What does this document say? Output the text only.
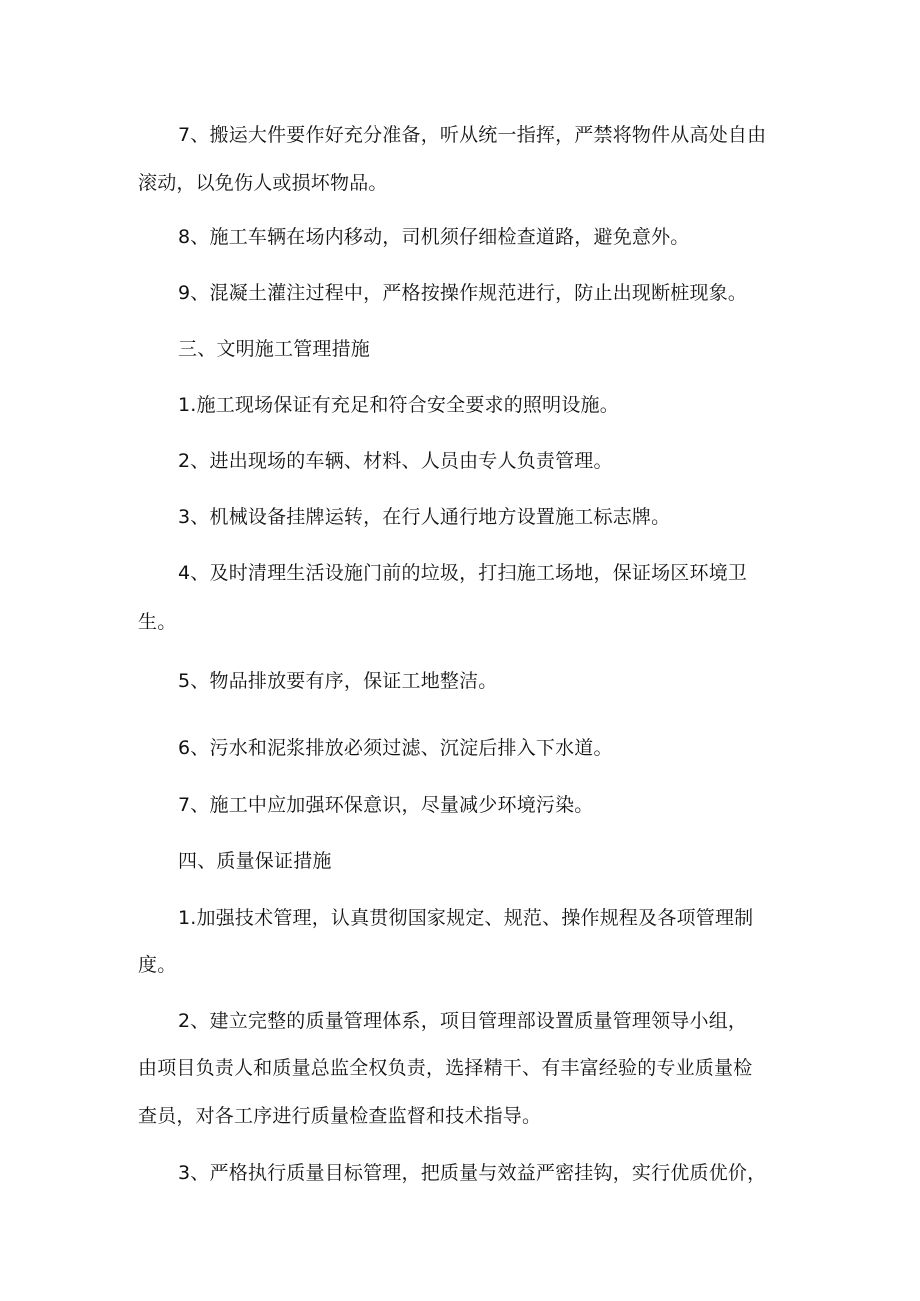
7、搬运大件要作好充分准备，听从统一指挥，严禁将物件从高处自由
滚动，以免伤人或损坏物品。
8、施工车辆在场内移动，司机须仔细检查道路，避免意外。
9、混凝土灌注过程中，严格按操作规范进行，防止出现断桩现象。
三、文明施工管理措施
1.施工现场保证有充足和符合安全要求的照明设施。
2、进出现场的车辆、材料、人员由专人负责管理。
3、机械设备挂牌运转，在行人通行地方设置施工标志牌。
4、及时清理生活设施门前的垃圾，打扫施工场地，保证场区环境卫
生。
5、物品排放要有序，保证工地整洁。
6、污水和泥浆排放必须过滤、沉淀后排入下水道。
7、施工中应加强环保意识，尽量减少环境污染。
四、质量保证措施
1.加强技术管理，认真贯彻国家规定、规范、操作规程及各项管理制
度。
2、建立完整的质量管理体系，项目管理部设置质量管理领导小组，
由项目负责人和质量总监全权负责，选择精干、有丰富经验的专业质量检
查员，对各工序进行质量检查监督和技术指导。
3、严格执行质量目标管理，把质量与效益严密挂钩，实行优质优价，
